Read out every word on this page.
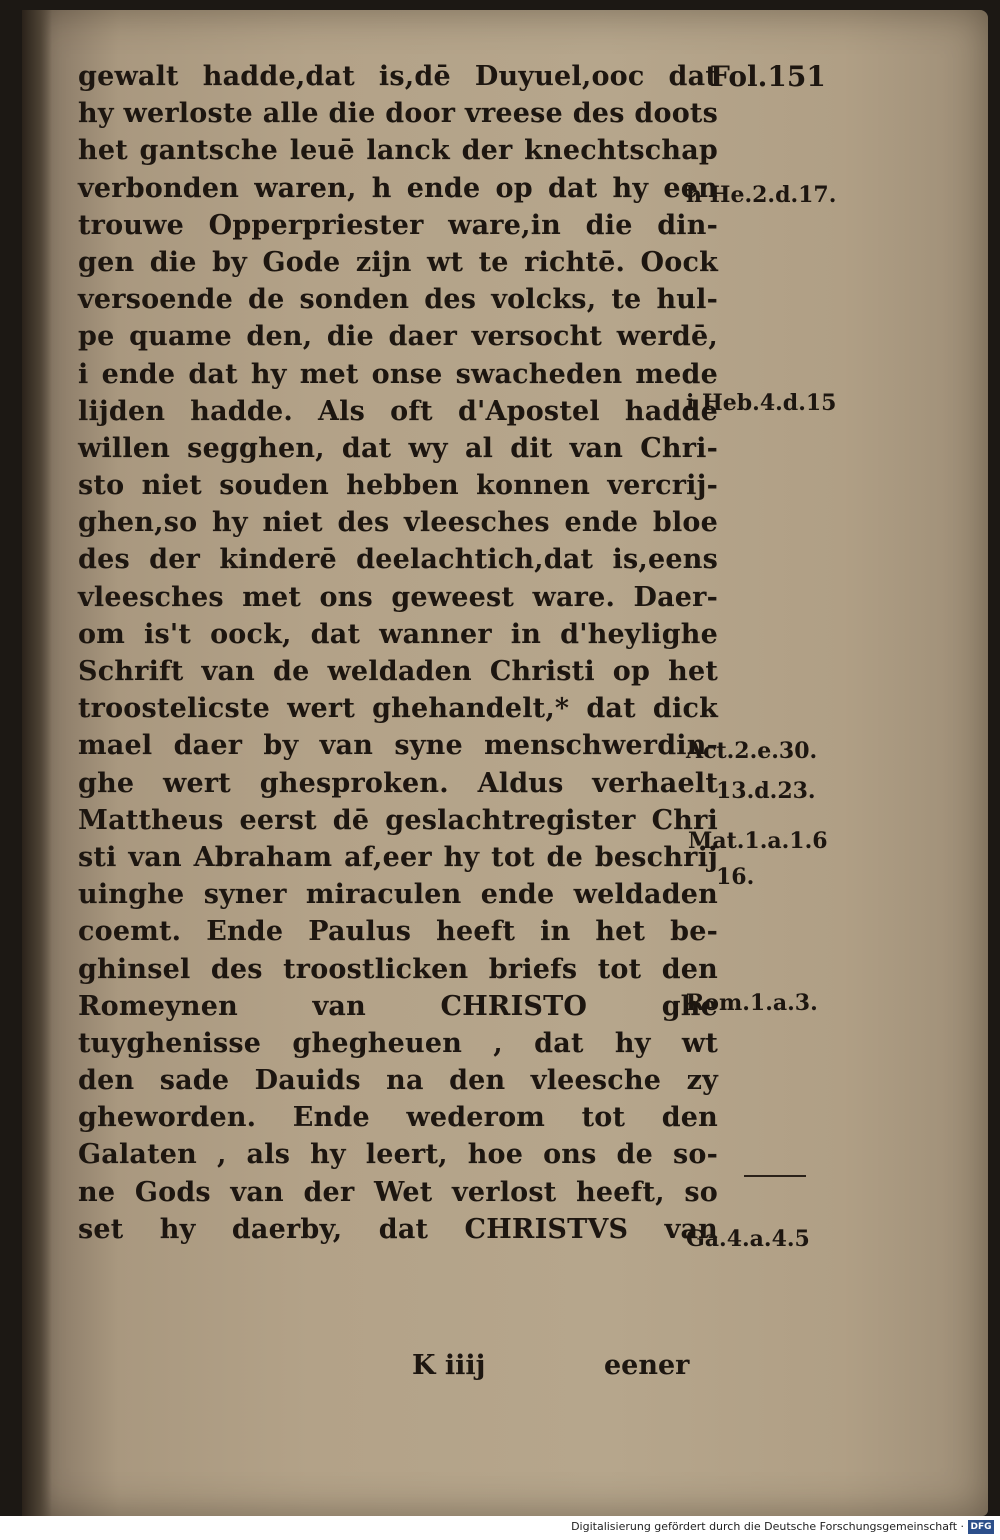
Fol.151
gewalt hadde,dat is,dē Duyuel,ooc dat
hy werloste alle die door vreese des doots
het gantsche leuē lanck der knechtschap
verbonden waren, h ende op dat hy een
trouwe Opperpriester ware,in die din-
gen die by Gode zijn wt te richtē. Oock
versoende de sonden des volcks, te hul-
pe quame den, die daer versocht werdē,
i ende dat hy met onse swacheden mede
lijden hadde. Als oft d'Apostel hadde
willen segghen, dat wy al dit van Chri-
sto niet souden hebben konnen vercrij-
ghen,so hy niet des vleesches ende bloe
des der kinderē deelachtich,dat is,eens
vleesches met ons geweest ware. Daer-
om is't oock, dat wanner in d'heylighe
Schrift van de weldaden Christi op het
troostelicste wert ghehandelt,* dat dick
mael daer by van syne menschwerdin-
ghe wert ghesproken. Aldus verhaelt
Mattheus eerst dē geslachtregister Chri
sti van Abraham af,eer hy tot de beschrij
uinghe syner miraculen ende weldaden
coemt. Ende Paulus heeft in het be-
ghinsel des troostlicken briefs tot den
Romeynen van CHRISTO ghe
tuyghenisse ghegheuen , dat hy wt
den sade Dauids na den vleesche zy
gheworden. Ende wederom tot den
Galaten , als hy leert, hoe ons de so-
ne Gods van der Wet verlost heeft, so
set hy daerby, dat CHRISTVS van
h He.2.d.17.
i Heb.4.d.15
Act.2.e.30.
13.d.23.
Mat.1.a.1.6
16.
Rom.1.a.3.
Ga.4.a.4.5
K iiij	eener
Digitalisierung gefördert durch die Deutsche Forschungsgemeinschaft · DFG
